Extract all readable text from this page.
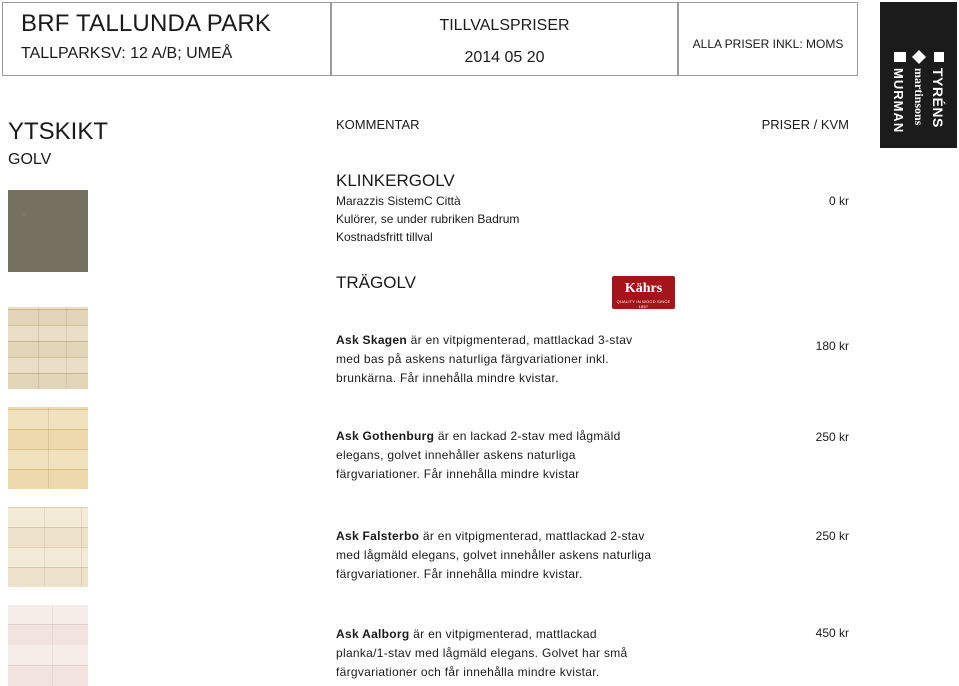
BRF TALLUNDA PARK
TALLPARKSV: 12 A/B; UMEÅ
TILLVALSPRISER
2014 05 20
ALLA PRISER INKL: MOMS
MURMAN martinsons TYRÉNS
YTSKIKT
GOLV
KOMMENTAR	PRISER / KVM
KLINKERGOLV
Marazzis SistemC Città
Kulörer, se under rubriken Badrum
Kostnadsfritt tillval
0 kr
TRÄGOLV	Kährs
QUALITY IN WOOD SINCE 1857
Ask Skagen är en vitpigmenterad, mattlackad 3-stav
med bas på askens naturliga färgvariationer inkl.
brunkärna. Får innehålla mindre kvistar.
180 kr
Ask Gothenburg är en lackad 2-stav med lågmäld
elegans, golvet innehåller askens naturliga
färgvariationer. Får innehålla mindre kvistar
250 kr
Ask Falsterbo är en vitpigmenterad, mattlackad 2-stav
med lågmäld elegans, golvet innehåller askens naturliga
färgvariationer. Får innehålla mindre kvistar.
250 kr
Ask Aalborg är en vitpigmenterad, mattlackad
planka/1-stav med lågmäld elegans. Golvet har små
färgvariationer och får innehålla mindre kvistar.
450 kr
